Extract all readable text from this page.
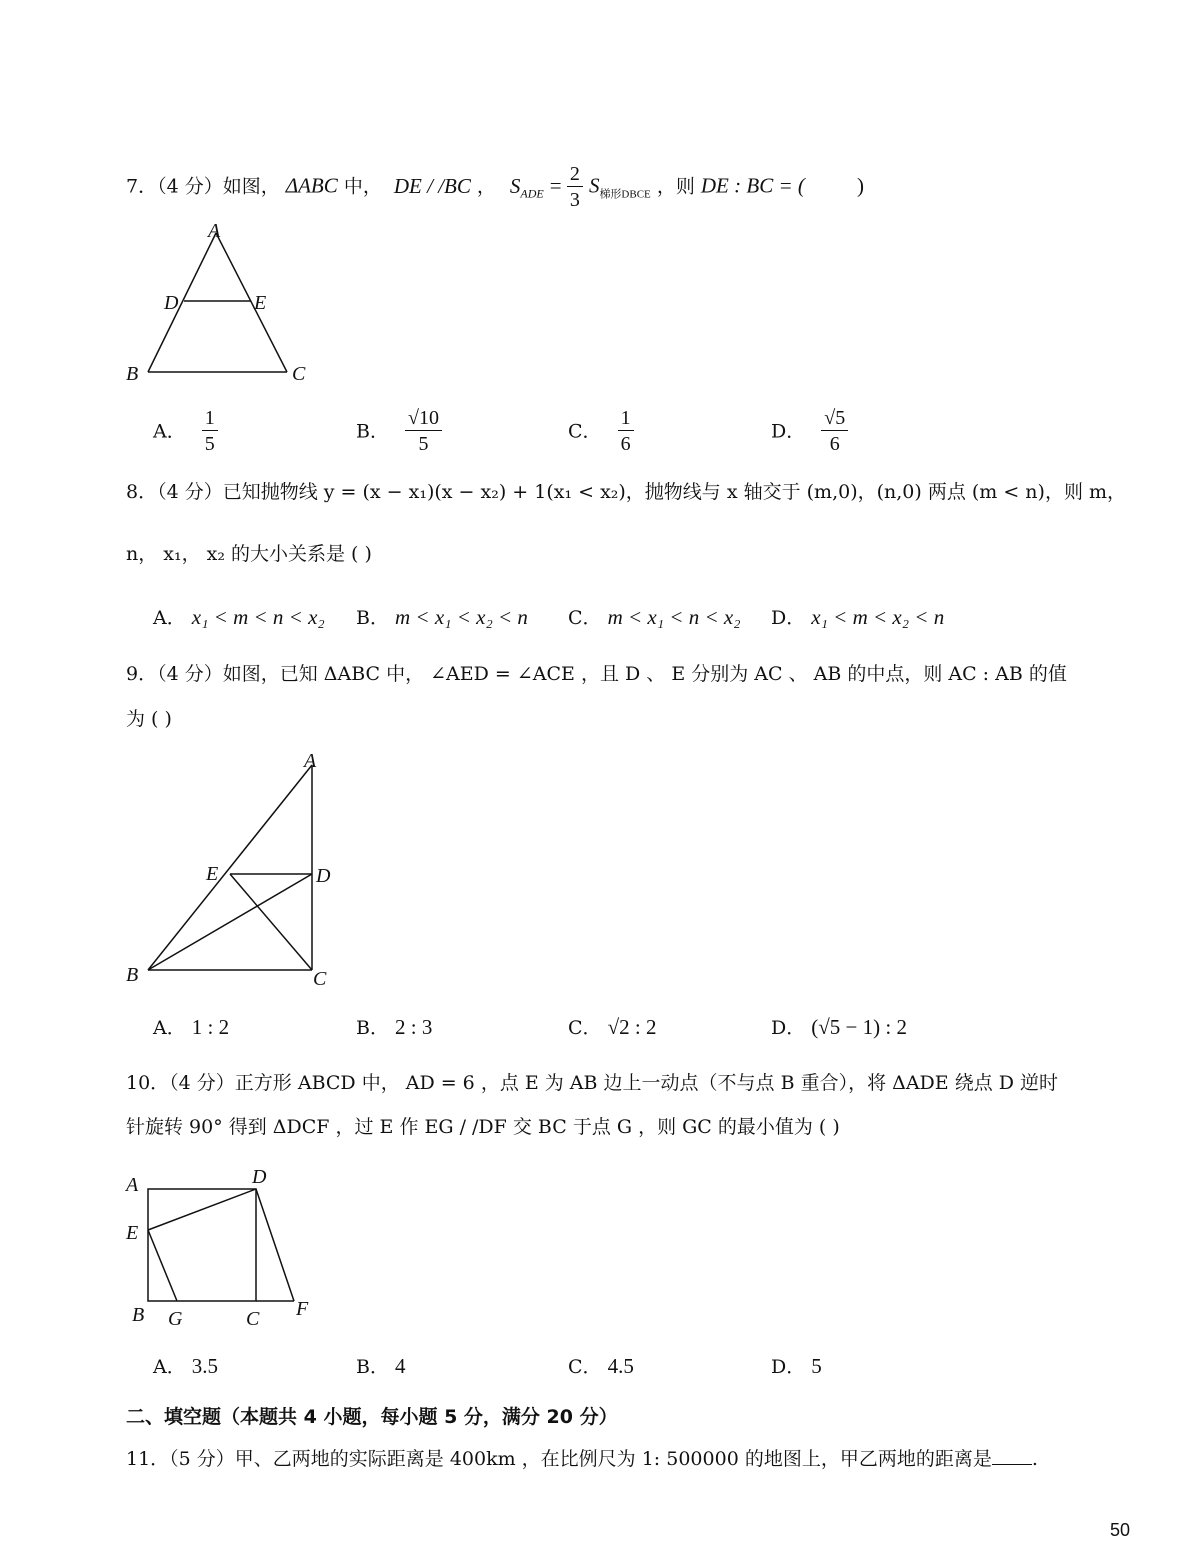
7．（4 分）如图， ΔABC 中， DE / /BC ， $S_{ADE} = \frac{2}{3} S_{梯形DBCE}$ ，则 DE : BC = ( )
A
D	E
B	C
A． $\frac{1}{5}$	B． $\frac{√10}{5}$	C． $\frac{1}{6}$	D． $\frac{√5}{6}$
8．（4 分）已知抛物线 y = (x − x₁)(x − x₂) + 1(x₁ < x₂)，抛物线与 x 轴交于 (m,0)，(n,0) 两点 (m < n)，则 m，
n， x₁， x₂ 的大小关系是 ( )
A． x₁ < m < n < x₂ B． m < x₁ < x₂ < n C． m < x₁ < n < x₂ D． x₁ < m < x₂ < n
9．（4 分）如图，已知 ΔABC 中， ∠AED = ∠ACE ，且 D 、 E 分别为 AC 、 AB 的中点，则 AC : AB 的值
为 ( )
A
E	D
B	C
A． 1 : 2	B． 2 : 3	C． √2 : 2	D． (√5 − 1) : 2
10．（4 分）正方形 ABCD 中， AD = 6 ，点 E 为 AB 边上一动点（不与点 B 重合），将 ΔADE 绕点 D 逆时
针旋转 90° 得到 ΔDCF ，过 E 作 EG / /DF 交 BC 于点 G ，则 GC 的最小值为 ( )
A	D
E
B G	C F
A． 3.5	B． 4	C． 4.5	D． 5
二、填空题（本题共 4 小题，每小题 5 分，满分 20 分）
11．（5 分）甲、乙两地的实际距离是 400km ，在比例尺为 1: 500000 的地图上，甲乙两地的距离是 .
50
